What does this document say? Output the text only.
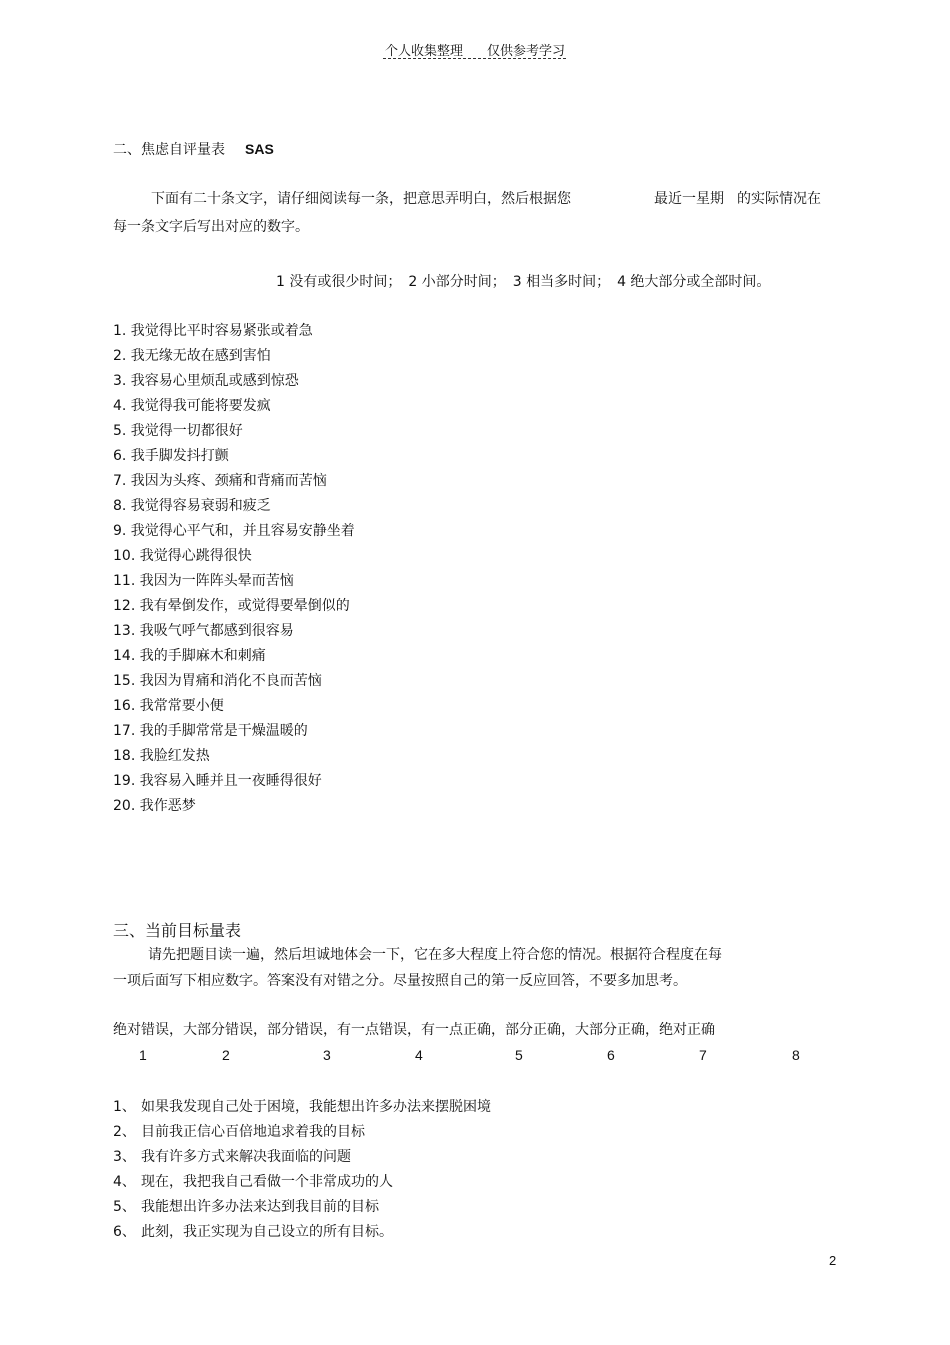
个人收集整理 仅供参考学习
二、焦虑自评量表 SAS
下面有二十条文字，请仔细阅读每一条，把意思弄明白，然后根据您	最近一星期 的实际情况在
每一条文字后写出对应的数字。
1 没有或很少时间；　2 小部分时间；　3 相当多时间；　4 绝大部分或全部时间。
1. 我觉得比平时容易紧张或着急
2. 我无缘无故在感到害怕
3. 我容易心里烦乱或感到惊恐
4. 我觉得我可能将要发疯
5. 我觉得一切都很好
6. 我手脚发抖打颤
7. 我因为头疼、颈痛和背痛而苦恼
8. 我觉得容易衰弱和疲乏
9. 我觉得心平气和，并且容易安静坐着
10. 我觉得心跳得很快
11. 我因为一阵阵头晕而苦恼
12. 我有晕倒发作，或觉得要晕倒似的
13. 我吸气呼气都感到很容易
14. 我的手脚麻木和刺痛
15. 我因为胃痛和消化不良而苦恼
16. 我常常要小便
17. 我的手脚常常是干燥温暖的
18. 我脸红发热
19. 我容易入睡并且一夜睡得很好
20. 我作恶梦
三、当前目标量表
请先把题目读一遍，然后坦诚地体会一下，它在多大程度上符合您的情况。根据符合程度在每
一项后面写下相应数字。答案没有对错之分。尽量按照自己的第一反应回答，不要多加思考。
绝对错误，大部分错误，部分错误，有一点错误，有一点正确，部分正确，大部分正确，绝对正确
1	2	3	4	5	6	7	8
1、 如果我发现自己处于困境，我能想出许多办法来摆脱困境
2、 目前我正信心百倍地追求着我的目标
3、 我有许多方式来解决我面临的问题
4、 现在，我把我自己看做一个非常成功的人
5、 我能想出许多办法来达到我目前的目标
6、 此刻，我正实现为自己设立的所有目标。
2
